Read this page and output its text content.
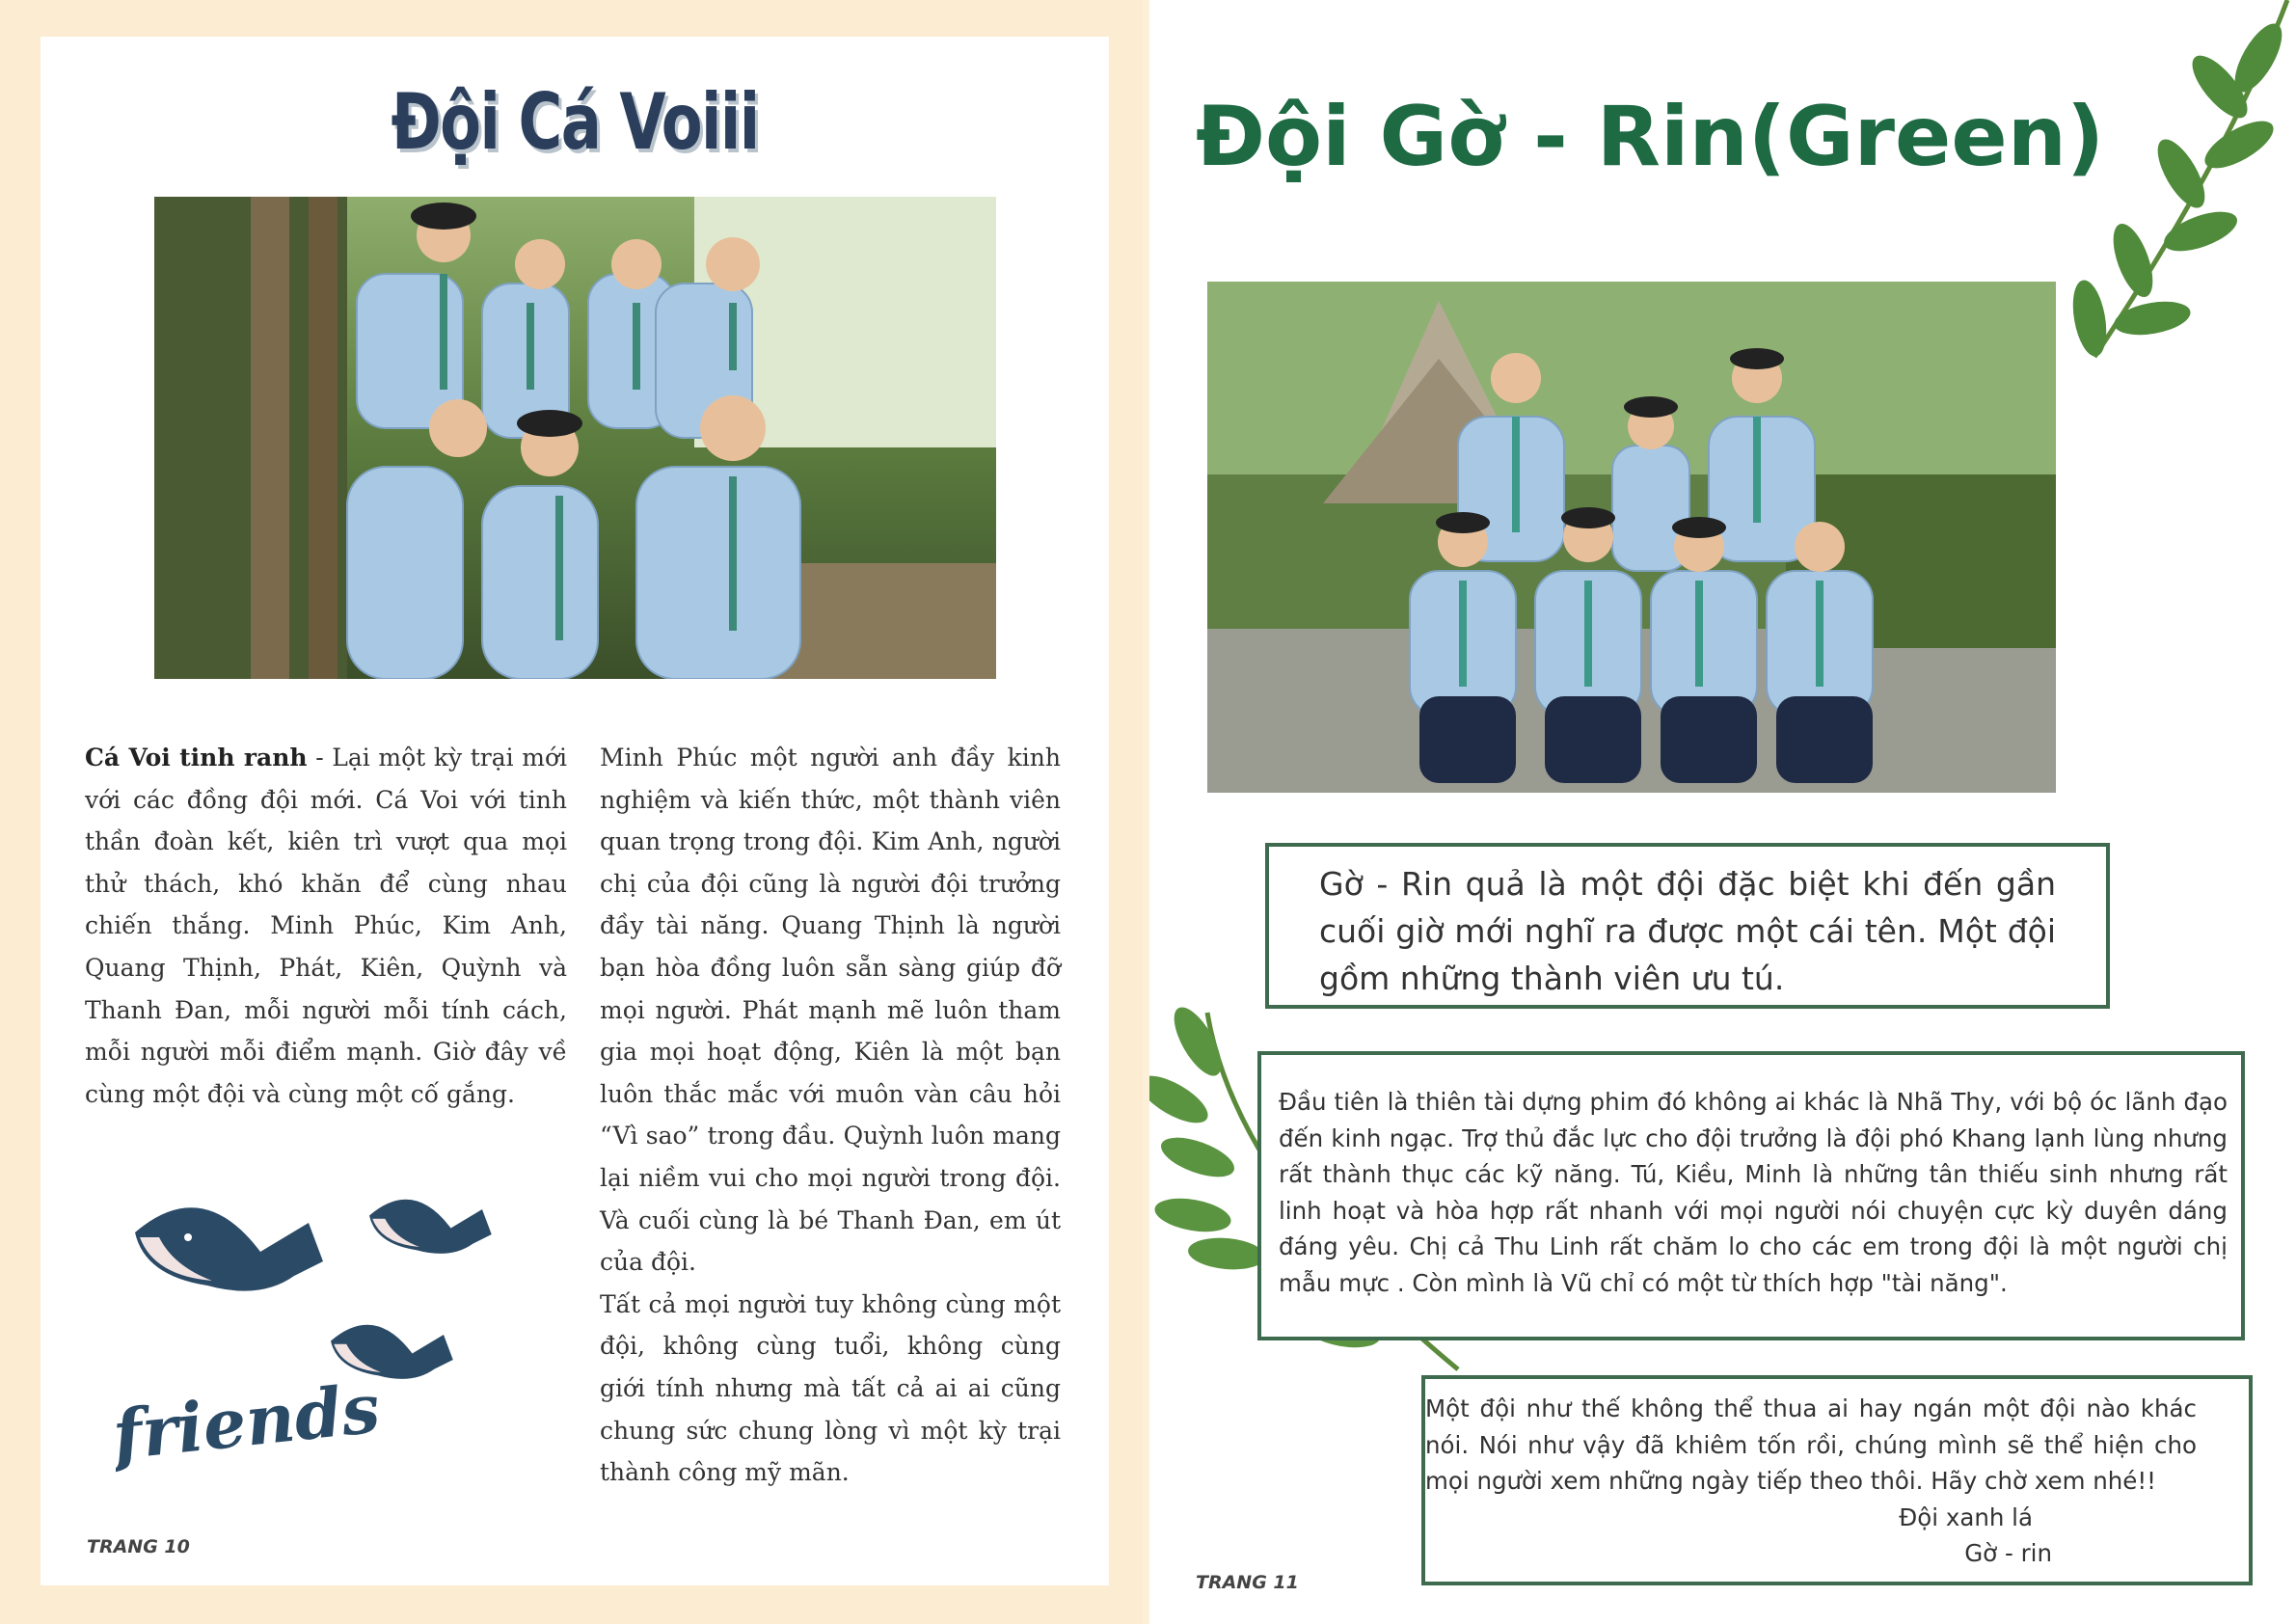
Đội Cá Voiii
Cá Voi tinh ranh - Lại một kỳ trại mới với các đồng đội mới. Cá Voi với tinh thần đoàn kết, kiên trì vượt qua mọi thử thách, khó khăn để cùng nhau chiến thắng. Minh Phúc, Kim Anh, Quang Thịnh, Phát, Kiên, Quỳnh và Thanh Đan, mỗi người mỗi tính cách, mỗi người mỗi điểm mạnh. Giờ đây về cùng một đội và cùng một cố gắng.
Minh Phúc một người anh đầy kinh nghiệm và kiến thức, một thành viên quan trọng trong đội. Kim Anh, người chị của đội cũng là người đội trưởng đầy tài năng. Quang Thịnh là người bạn hòa đồng luôn sẵn sàng giúp đỡ mọi người. Phát mạnh mẽ luôn tham gia mọi hoạt động, Kiên là một bạn luôn thắc mắc với muôn vàn câu hỏi “Vì sao” trong đầu. Quỳnh luôn mang lại niềm vui cho mọi người trong đội. Và cuối cùng là bé Thanh Đan, em út của đội.
Tất cả mọi người tuy không cùng một đội, không cùng tuổi, không cùng giới tính nhưng mà tất cả ai ai cũng chung sức chung lòng vì một kỳ trại thành công mỹ mãn.
friends
TRANG 10
Đội Gờ - Rin(Green)
Gờ - Rin quả là một đội đặc biệt khi đến gần cuối giờ mới nghĩ ra được một cái tên. Một đội gồm những thành viên ưu tú.
Đầu tiên là thiên tài dựng phim đó không ai khác là Nhã Thy, với bộ óc lãnh đạo đến kinh ngạc. Trợ thủ đắc lực cho đội trưởng là đội phó Khang lạnh lùng nhưng rất thành thục các kỹ năng. Tú, Kiều, Minh là những tân thiếu sinh nhưng rất linh hoạt và hòa hợp rất nhanh với mọi người nói chuyện cực kỳ duyên dáng đáng yêu. Chị cả Thu Linh rất chăm lo cho các em trong đội là một người chị mẫu mực . Còn mình là Vũ chỉ có một từ thích hợp "tài năng".
Một đội như thế không thể thua ai hay ngán một đội nào khác nói. Nói như vậy đã khiêm tốn rồi, chúng mình sẽ thể hiện cho mọi người xem những ngày tiếp theo thôi. Hãy chờ xem nhé!!
Đội xanh lá
Gờ - rin
TRANG 11
